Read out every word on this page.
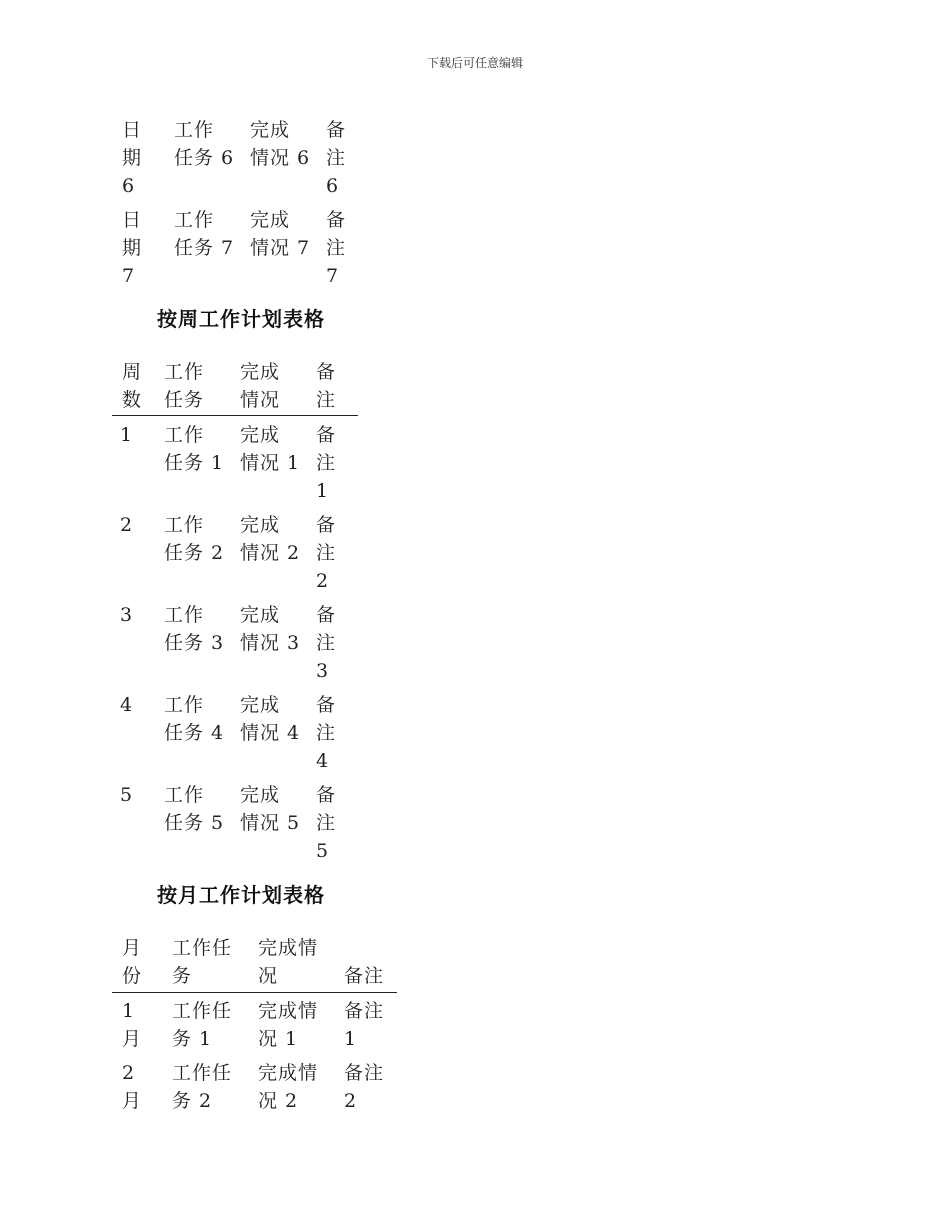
下载后可任意编辑
日
期
6
工作
任务 6
完成
情况 6
备
注
6
日
期
7
工作
任务 7
完成
情况 7
备
注
7
按周工作计划表格
周
数
工作
任务
完成
情况
备
注
1 工作
任务 1
完成
情况 1
备
注
1
2 工作
任务 2
完成
情况 2
备
注
2
3 工作
任务 3
完成
情况 3
备
注
3
4 工作
任务 4
完成
情况 4
备
注
4
5 工作
任务 5
完成
情况 5
备
注
5
按月工作计划表格
月
份
工作任
务
完成情
况	备注
1
月
工作任
务 1
完成情
况 1
备注
1
2
月
工作任
务 2
完成情
况 2
备注
2
